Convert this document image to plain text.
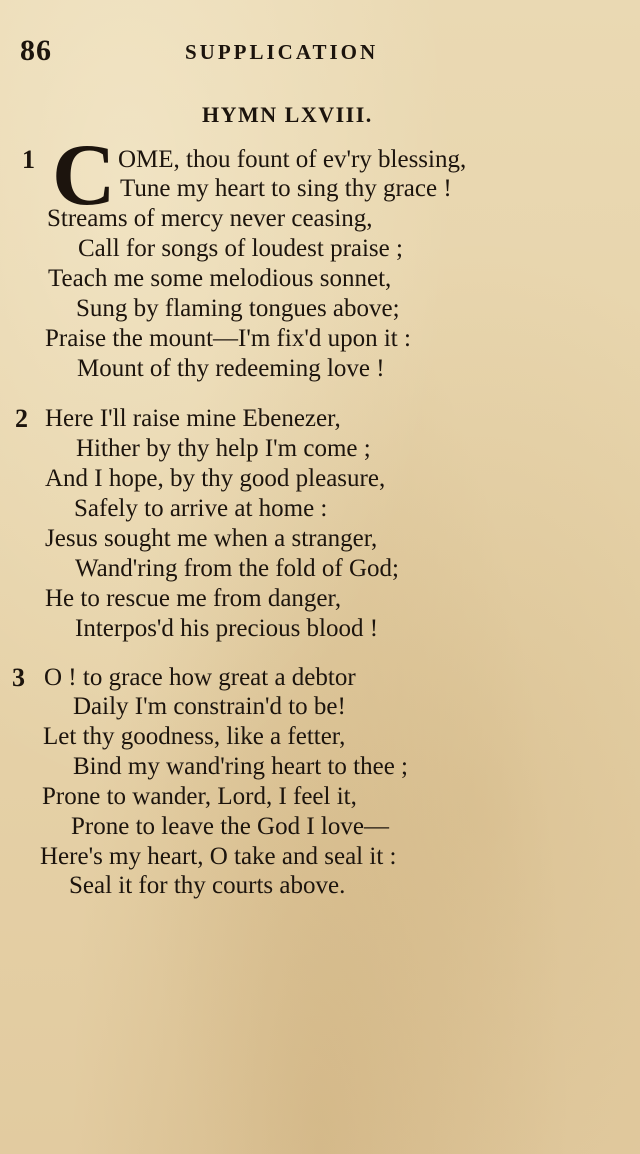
86	SUPPLICATION
HYMN LXVIII.
1 C OME, thou fount of ev'ry blessing,
Tune my heart to sing thy grace !
Streams of mercy never ceasing,
Call for songs of loudest praise ;
Teach me some melodious sonnet,
Sung by flaming tongues above;
Praise the mount—I'm fix'd upon it :
Mount of thy redeeming love !
2 Here I'll raise mine Ebenezer,
Hither by thy help I'm come ;
And I hope, by thy good pleasure,
Safely to arrive at home :
Jesus sought me when a stranger,
Wand'ring from the fold of God;
He to rescue me from danger,
Interpos'd his precious blood !
3 O ! to grace how great a debtor
Daily I'm constrain'd to be!
Let thy goodness, like a fetter,
Bind my wand'ring heart to thee ;
Prone to wander, Lord, I feel it,
Prone to leave the God I love—
Here's my heart, O take and seal it :
Seal it for thy courts above.
